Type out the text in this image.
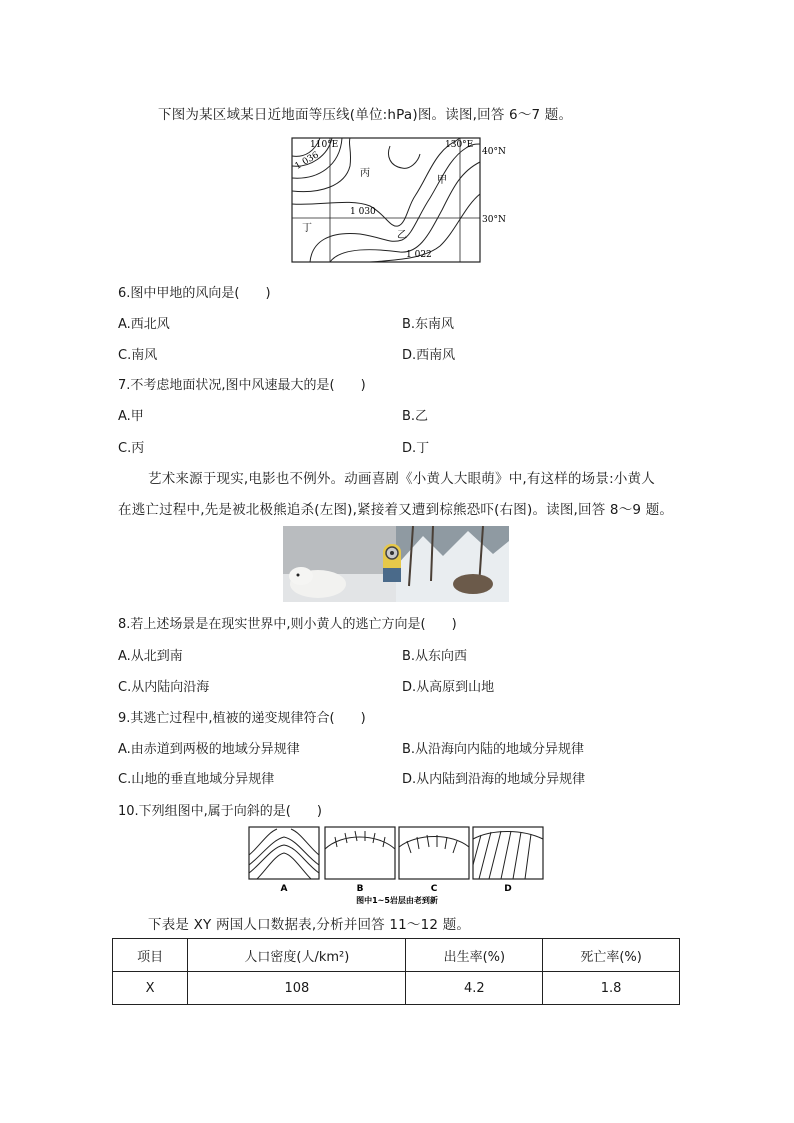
下图为某区域某日近地面等压线(单位:hPa)图。读图,回答 6～7 题。
110°E	130°E
40°N
30°N
1 036
1 030
1 022
甲
乙
丙
丁
6.图中甲地的风向是(　　)
A.西北风	B.东南风
C.南风	D.西南风
7.不考虑地面状况,图中风速最大的是(　　)
A.甲	B.乙
C.丙	D.丁
艺术来源于现实,电影也不例外。动画喜剧《小黄人大眼萌》中,有这样的场景:小黄人
在逃亡过程中,先是被北极熊追杀(左图),紧接着又遭到棕熊恐吓(右图)。读图,回答 8～9 题。
8.若上述场景是在现实世界中,则小黄人的逃亡方向是(　　)
A.从北到南	B.从东向西
C.从内陆向沿海	D.从高原到山地
9.其逃亡过程中,植被的递变规律符合(　　)
A.由赤道到两极的地域分异规律	B.从沿海向内陆的地域分异规律
C.山地的垂直地域分异规律	D.从内陆到沿海的地域分异规律
10.下列组图中,属于向斜的是(　　)
A	B	C	D
图中1~5岩层由老到新
下表是 XY 两国人口数据表,分析并回答 11～12 题。
项目	人口密度(人/km²)	出生率(%)	死亡率(%)
X	108	4.2	1.8
